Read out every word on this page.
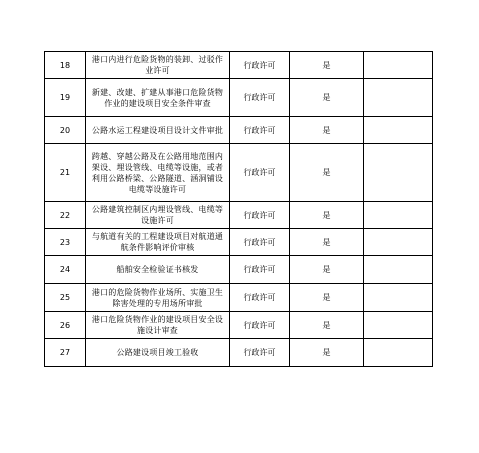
18	港口内进行危险货物的装卸、过驳作业许可	行政许可	是	
19	新建、改建、扩建从事港口危险货物作业的建设项目安全条件审查	行政许可	是	
20	公路水运工程建设项目设计文件审批	行政许可	是	
21	跨越、穿越公路及在公路用地范围内架设、埋设管线、电缆等设施，或者利用公路桥梁、公路隧道、涵洞铺设电缆等设施许可	行政许可	是	
22	公路建筑控制区内埋设管线、电缆等设施许可	行政许可	是	
23	与航道有关的工程建设项目对航道通航条件影响评价审核	行政许可	是	
24	船舶安全检验证书核发	行政许可	是	
25	港口的危险货物作业场所、实施卫生除害处理的专用场所审批	行政许可	是	
26	港口危险货物作业的建设项目安全设施设计审查	行政许可	是	
27	公路建设项目竣工验收	行政许可	是	
